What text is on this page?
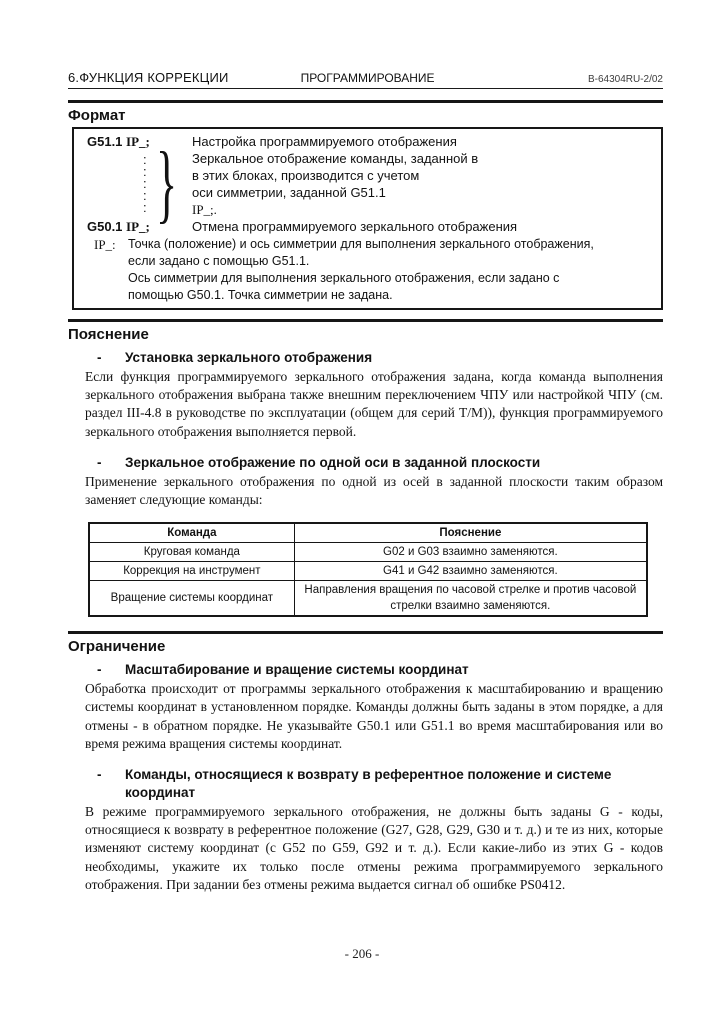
6.ФУНКЦИЯ КОРРЕКЦИИ	ПРОГРАММИРОВАНИЕ	B-64304RU-2/02
Формат
G51.1 IP_;	Настройка программируемого отображения
:
:
:
:
: } Зеркальное отображение команды, заданной в
в этих блоках, производится с учетом
оси симметрии, заданной G51.1
IP_;.
G50.1 IP_;	Отмена программируемого зеркального отображения
IP_: Точка (положение) и ось симметрии для выполнения зеркального отображения,
если задано с помощью G51.1.
Ось симметрии для выполнения зеркального отображения, если задано с
помощью G50.1. Точка симметрии не задана.
Пояснение
-	Установка зеркального отображения
Если функция программируемого зеркального отображения задана, когда команда выполнения зеркального отображения выбрана также внешним переключением ЧПУ или настройкой ЧПУ (см. раздел III-4.8 в руководстве по эксплуатации (общем для серий T/M)), функция программируемого зеркального отображения выполняется первой.
-	Зеркальное отображение по одной оси в заданной плоскости
Применение зеркального отображения по одной из осей в заданной плоскости таким образом заменяет следующие команды:
Команда	Пояснение
Круговая команда	G02 и G03 взаимно заменяются.
Коррекция на инструмент	G41 и G42 взаимно заменяются.
Вращение системы координат	Направления вращения по часовой стрелке и против часовой стрелки взаимно заменяются.
Ограничение
-	Масштабирование и вращение системы координат
Обработка происходит от программы зеркального отображения к масштабированию и вращению системы координат в установленном порядке. Команды должны быть заданы в этом порядке, а для отмены - в обратном порядке. Не указывайте G50.1 или G51.1 во время масштабирования или во время режима вращения системы координат.
-	Команды, относящиеся к возврату в референтное положение и системе координат
В режиме программируемого зеркального отображения, не должны быть заданы G - коды, относящиеся к возврату в референтное положение (G27, G28, G29, G30 и т. д.) и те из них, которые изменяют систему координат (с G52 по G59, G92 и т. д.). Если какие-либо из этих G - кодов необходимы, укажите их только после отмены режима программируемого зеркального отображения. При задании без отмены режима выдается сигнал об ошибке PS0412.
- 206 -
